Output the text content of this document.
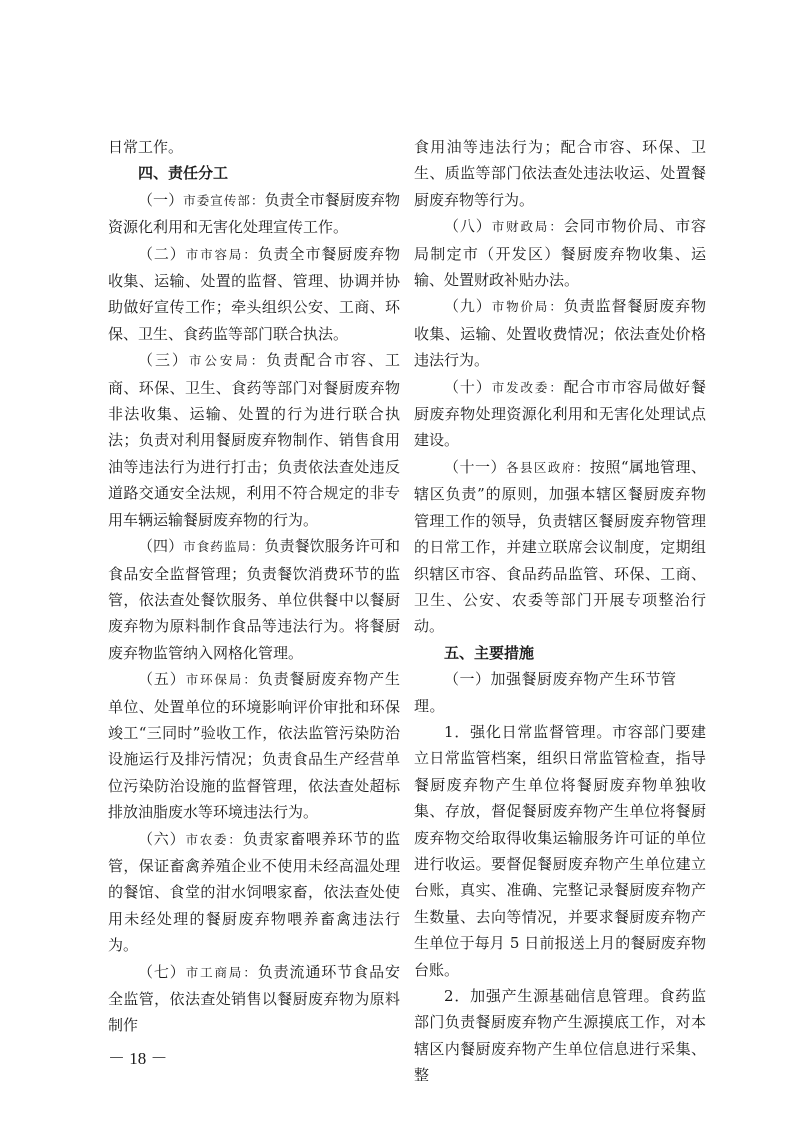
日常工作。

四、责任分工

（一）市委宣传部：负责全市餐厨废弃物资源化利用和无害化处理宣传工作。

（二）市市容局：负责全市餐厨废弃物收集、运输、处置的监督、管理、协调并协助做好宣传工作；牵头组织公安、工商、环保、卫生、食药监等部门联合执法。

（三）市公安局：负责配合市容、工商、环保、卫生、食药等部门对餐厨废弃物非法收集、运输、处置的行为进行联合执法；负责对利用餐厨废弃物制作、销售食用油等违法行为进行打击；负责依法查处违反道路交通安全法规，利用不符合规定的非专用车辆运输餐厨废弃物的行为。

（四）市食药监局：负责餐饮服务许可和食品安全监督管理；负责餐饮消费环节的监管，依法查处餐饮服务、单位供餐中以餐厨废弃物为原料制作食品等违法行为。将餐厨废弃物监管纳入网格化管理。

（五）市环保局：负责餐厨废弃物产生单位、处置单位的环境影响评价审批和环保竣工“三同时”验收工作，依法监管污染防治设施运行及排污情况；负责食品生产经营单位污染防治设施的监督管理，依法查处超标排放油脂废水等环境违法行为。

（六）市农委：负责家畜喂养环节的监管，保证畜禽养殖企业不使用未经高温处理的餐馆、食堂的泔水饲喂家畜，依法查处使用未经处理的餐厨废弃物喂养畜禽违法行为。

（七）市工商局：负责流通环节食品安全监管，依法查处销售以餐厨废弃物为原料制作

食用油等违法行为；配合市容、环保、卫生、质监等部门依法查处违法收运、处置餐厨废弃物等行为。

（八）市财政局：会同市物价局、市容局制定市（开发区）餐厨废弃物收集、运输、处置财政补贴办法。

（九）市物价局：负责监督餐厨废弃物收集、运输、处置收费情况；依法查处价格违法行为。

（十）市发改委：配合市市容局做好餐厨废弃物处理资源化利用和无害化处理试点建设。

（十一）各县区政府：按照“属地管理、辖区负责”的原则，加强本辖区餐厨废弃物管理工作的领导，负责辖区餐厨废弃物管理的日常工作，并建立联席会议制度，定期组织辖区市容、食品药品监管、环保、工商、卫生、公安、农委等部门开展专项整治行动。

五、主要措施
（一）加强餐厨废弃物产生环节管理。

1．强化日常监督管理。市容部门要建立日常监管档案，组织日常监管检查，指导餐厨废弃物产生单位将餐厨废弃物单独收集、存放，督促餐厨废弃物产生单位将餐厨废弃物交给取得收集运输服务许可证的单位进行收运。要督促餐厨废弃物产生单位建立台账，真实、准确、完整记录餐厨废弃物产生数量、去向等情况，并要求餐厨废弃物产生单位于每月 5 日前报送上月的餐厨废弃物台账。

2．加强产生源基础信息管理。食药监部门负责餐厨废弃物产生源摸底工作，对本辖区内餐厨废弃物产生单位信息进行采集、整

－ 18 －
